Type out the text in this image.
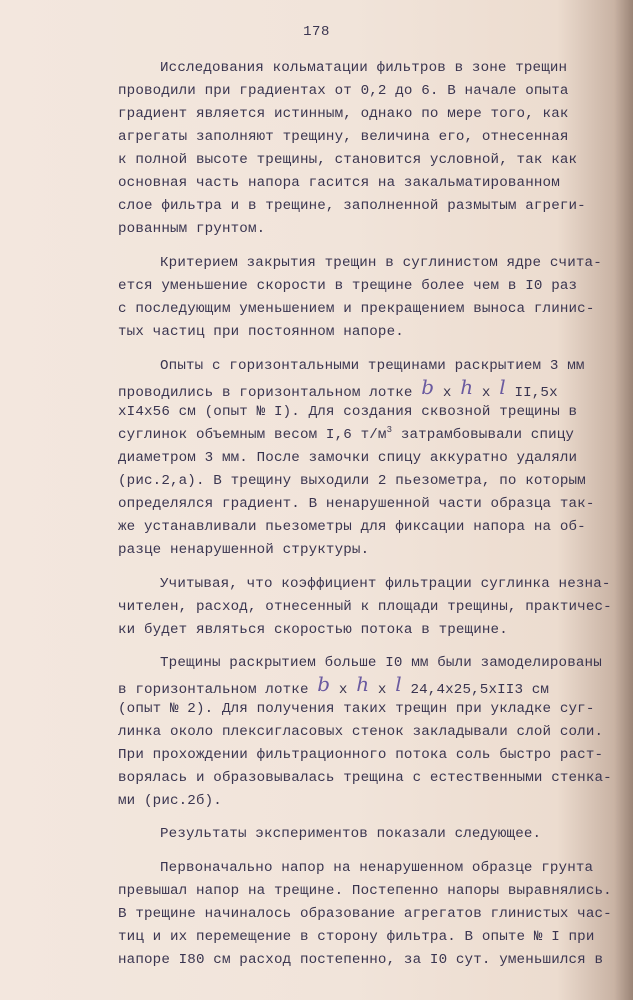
178
Исследования кольматации фильтров в зоне трещин
проводили при градиентах от 0,2 до 6. В начале опыта
градиент является истинным, однако по мере того, как
агрегаты заполняют трещину, величина его, отнесенная
к полной высоте трещины, становится условной, так как
основная часть напора гасится на закальматированном
слое фильтра и в трещине, заполненной размытым агреги-
рованным грунтом.
Критерием закрытия трещин в суглинистом ядре счита-
ется уменьшение скорости в трещине более чем в I0 раз
с последующим уменьшением и прекращением выноса глинис-
тых частиц при постоянном напоре.
Опыты с горизонтальными трещинами раскрытием 3 мм
проводились в горизонтальном лотке b x h x l II,5x
xI4x56 см (опыт № I). Для создания сквозной трещины в
суглинок объемным весом I,6 $т/м^3$ затрамбовывали спицу
диаметром 3 мм. После замочки спицу аккуратно удаляли
(рис.2,а). В трещину выходили 2 пьезометра, по которым
определялся градиент. В ненарушенной части образца так-
же устанавливали пьезометры для фиксации напора на об-
разце ненарушенной структуры.
Учитывая, что коэффициент фильтрации суглинка незна-
чителен, расход, отнесенный к площади трещины, практичес-
ки будет являться скоростью потока в трещине.
Трещины раскрытием больше I0 мм были замоделированы
в горизонтальном лотке b x h x l 24,4x25,5xII3 см
(опыт № 2). Для получения таких трещин при укладке суг-
линка около плексигласовых стенок закладывали слой соли.
При прохождении фильтрационного потока соль быстро раст-
ворялась и образовывалась трещина с естественными стенка-
ми (рис.2б).
Результаты экспериментов показали следующее.
Первоначально напор на ненарушенном образце грунта
превышал напор на трещине. Постепенно напоры выравнялись.
В трещине начиналось образование агрегатов глинистых час-
тиц и их перемещение в сторону фильтра. В опыте № I при
напоре I80 см расход постепенно, за I0 сут. уменьшился в
